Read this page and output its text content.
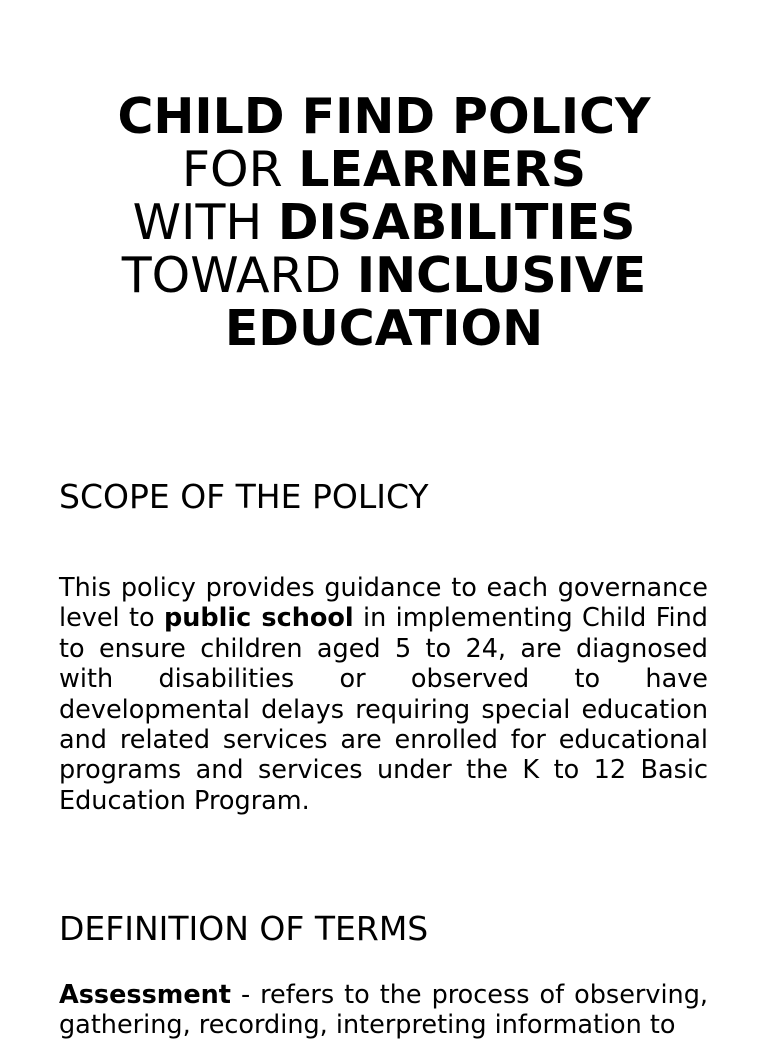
CHILD FIND POLICY
FOR LEARNERS
WITH DISABILITIES
TOWARD INCLUSIVE
EDUCATION
SCOPE OF THE POLICY

This policy provides guidance to each governance level to public school in implementing Child Find to ensure children aged 5 to 24, are diagnosed with disabilities or observed to have developmental delays requiring special education and related services are enrolled for educational programs and services under the K to 12 Basic Education Program.

DEFINITION OF TERMS

Assessment - refers to the process of observing, gathering, recording, interpreting information to
